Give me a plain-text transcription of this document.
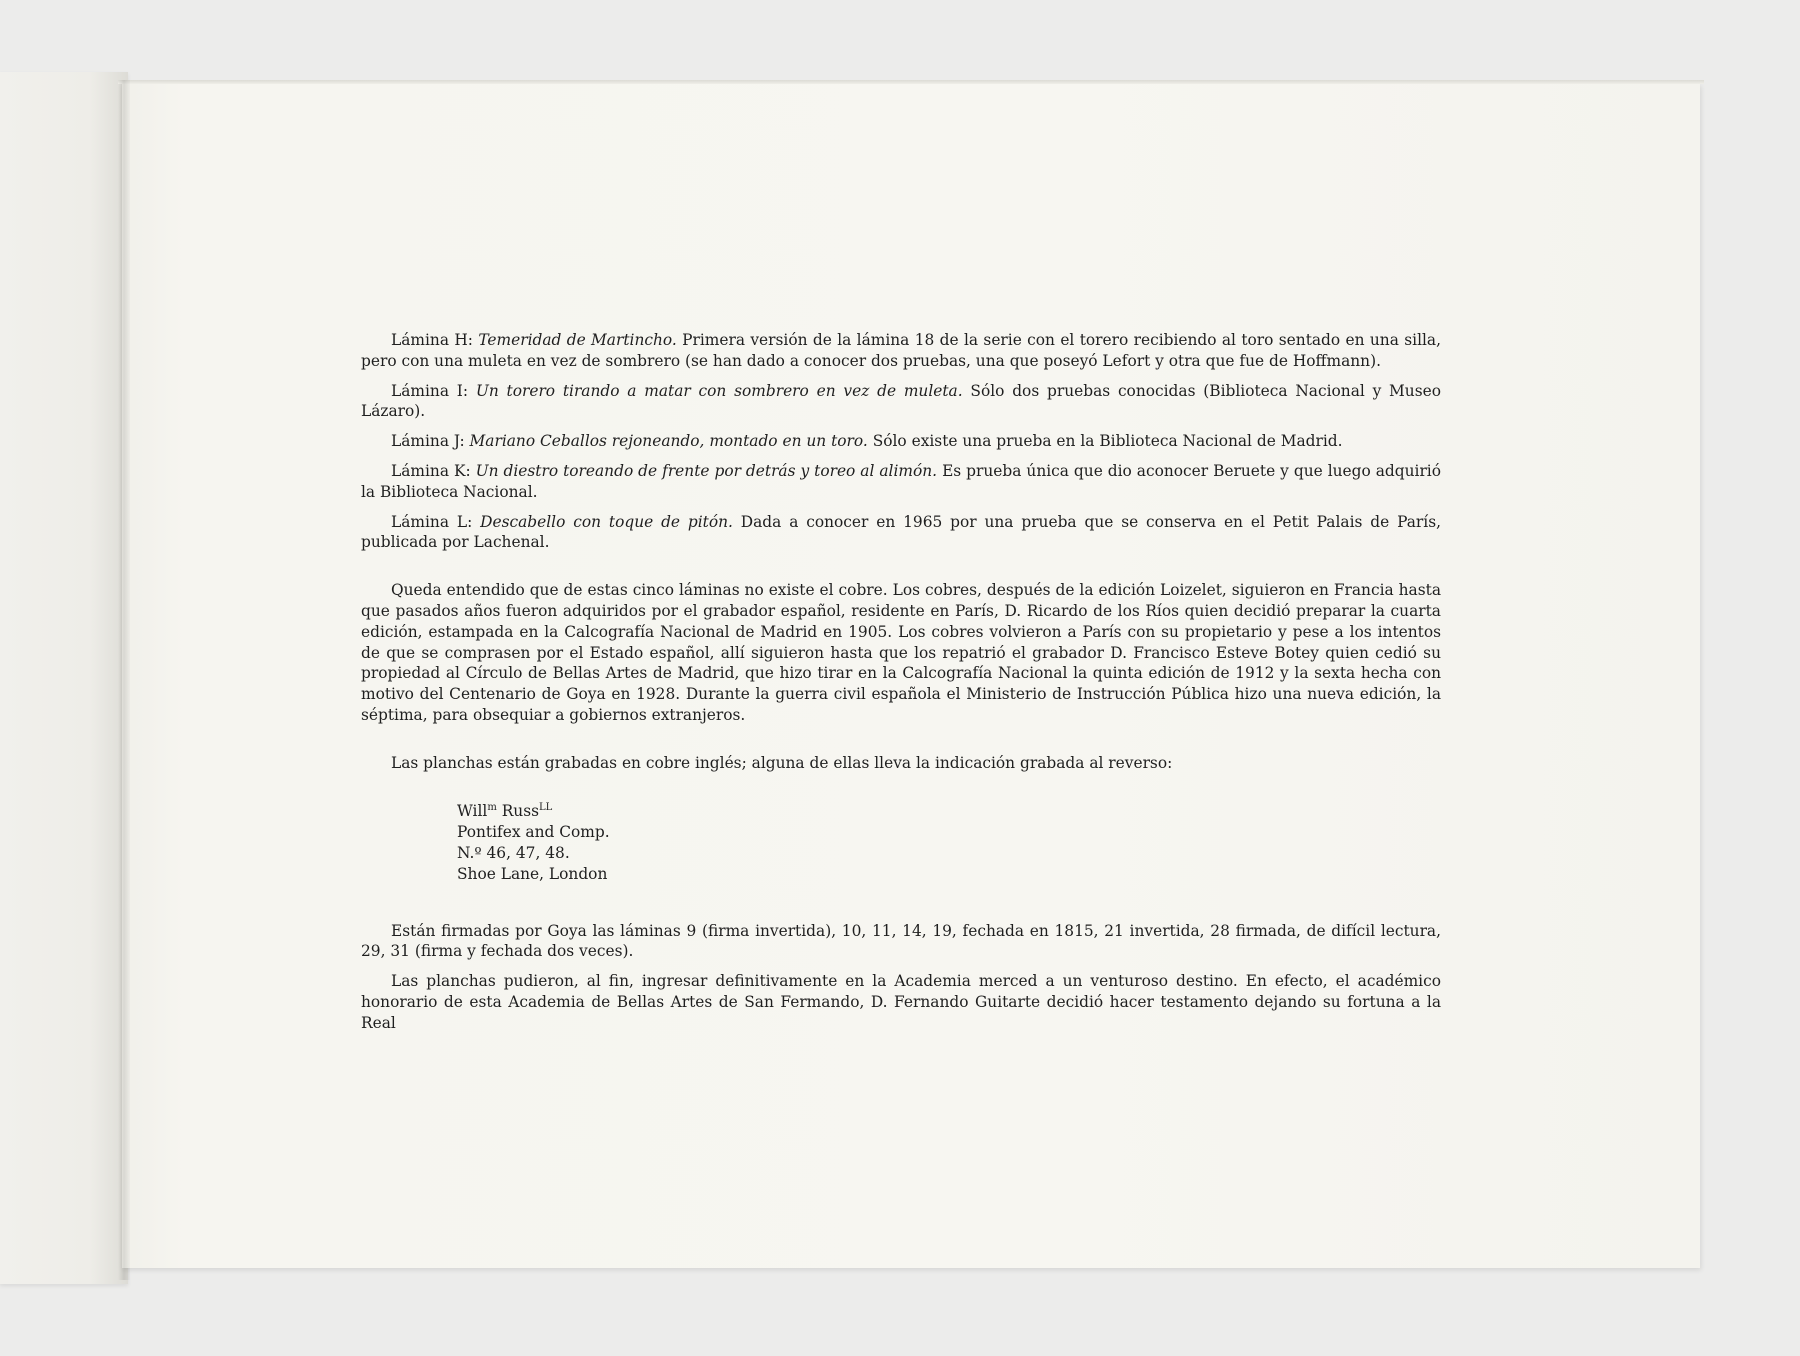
Lámina H: Temeridad de Martincho. Primera versión de la lámina 18 de la serie con el torero recibiendo al toro sentado en una silla, pero con una muleta en vez de sombrero (se han dado a conocer dos pruebas, una que poseyó Lefort y otra que fue de Hoffmann).

Lámina I: Un torero tirando a matar con sombrero en vez de muleta. Sólo dos pruebas conocidas (Biblioteca Nacional y Museo Lázaro).

Lámina J: Mariano Ceballos rejoneando, montado en un toro. Sólo existe una prueba en la Biblioteca Nacional de Madrid.

Lámina K: Un diestro toreando de frente por detrás y toreo al alimón. Es prueba única que dio aconocer Beruete y que luego adquirió la Biblioteca Nacional.

Lámina L: Descabello con toque de pitón. Dada a conocer en 1965 por una prueba que se conserva en el Petit Palais de París, publicada por Lachenal.

Queda entendido que de estas cinco láminas no existe el cobre. Los cobres, después de la edición Loizelet, siguieron en Francia hasta que pasados años fueron adquiridos por el grabador español, residente en París, D. Ricardo de los Ríos quien decidió preparar la cuarta edición, estampada en la Calcografía Nacional de Madrid en 1905. Los cobres volvieron a París con su propietario y pese a los intentos de que se comprasen por el Estado español, allí siguieron hasta que los repatrió el grabador D. Francisco Esteve Botey quien cedió su propiedad al Círculo de Bellas Artes de Madrid, que hizo tirar en la Calcografía Nacional la quinta edición de 1912 y la sexta hecha con motivo del Centenario de Goya en 1928. Durante la guerra civil española el Ministerio de Instrucción Pública hizo una nueva edición, la séptima, para obsequiar a gobiernos extranjeros.

Las planchas están grabadas en cobre inglés; alguna de ellas lleva la indicación grabada al reverso:

Will$^m$ Russ$^{LL}$
Pontifex and Comp.
N.º 46, 47, 48.
Shoe Lane, London

Están firmadas por Goya las láminas 9 (firma invertida), 10, 11, 14, 19, fechada en 1815, 21 invertida, 28 firmada, de difícil lectura, 29, 31 (firma y fechada dos veces).

Las planchas pudieron, al fin, ingresar definitivamente en la Academia merced a un venturoso destino. En efecto, el académico honorario de esta Academia de Bellas Artes de San Fermando, D. Fernando Guitarte decidió hacer testamento dejando su fortuna a la Real
